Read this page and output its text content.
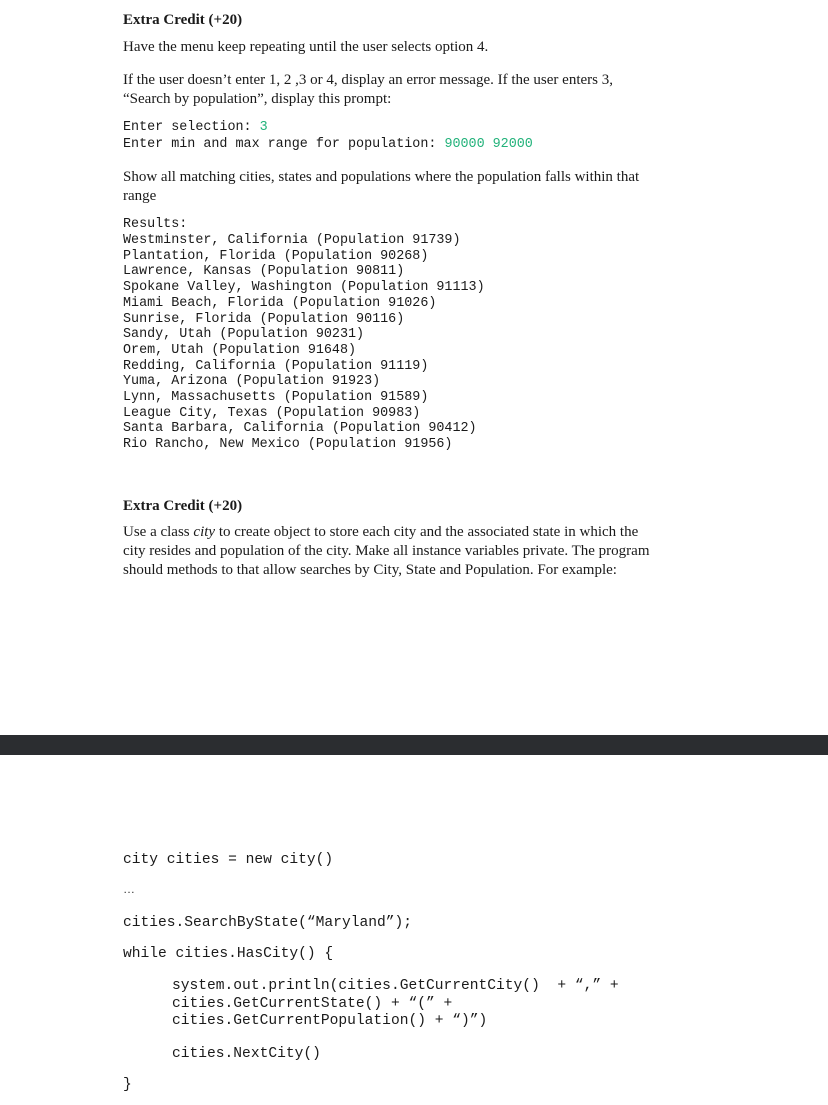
Extra Credit (+20)
Have the menu keep repeating until the user selects option 4.
If the user doesn’t enter 1, 2 ,3 or 4, display an error message. If the user enters 3,
“Search by population”, display this prompt:
Enter selection: 3
Enter min and max range for population: 90000 92000
Show all matching cities, states and populations where the population falls within that
range
Results:
Westminster, California (Population 91739)
Plantation, Florida (Population 90268)
Lawrence, Kansas (Population 90811)
Spokane Valley, Washington (Population 91113)
Miami Beach, Florida (Population 91026)
Sunrise, Florida (Population 90116)
Sandy, Utah (Population 90231)
Orem, Utah (Population 91648)
Redding, California (Population 91119)
Yuma, Arizona (Population 91923)
Lynn, Massachusetts (Population 91589)
League City, Texas (Population 90983)
Santa Barbara, California (Population 90412)
Rio Rancho, New Mexico (Population 91956)
Extra Credit (+20)
Use a class city to create object to store each city and the associated state in which the
city resides and population of the city. Make all instance variables private. The program
should methods to that allow searches by City, State and Population. For example:
city cities = new city()
…
cities.SearchByState(“Maryland”);
while cities.HasCity() {
system.out.println(cities.GetCurrentCity()  + “,” +
cities.GetCurrentState() + “(” +
cities.GetCurrentPopulation() + “)”)
cities.NextCity()
}
